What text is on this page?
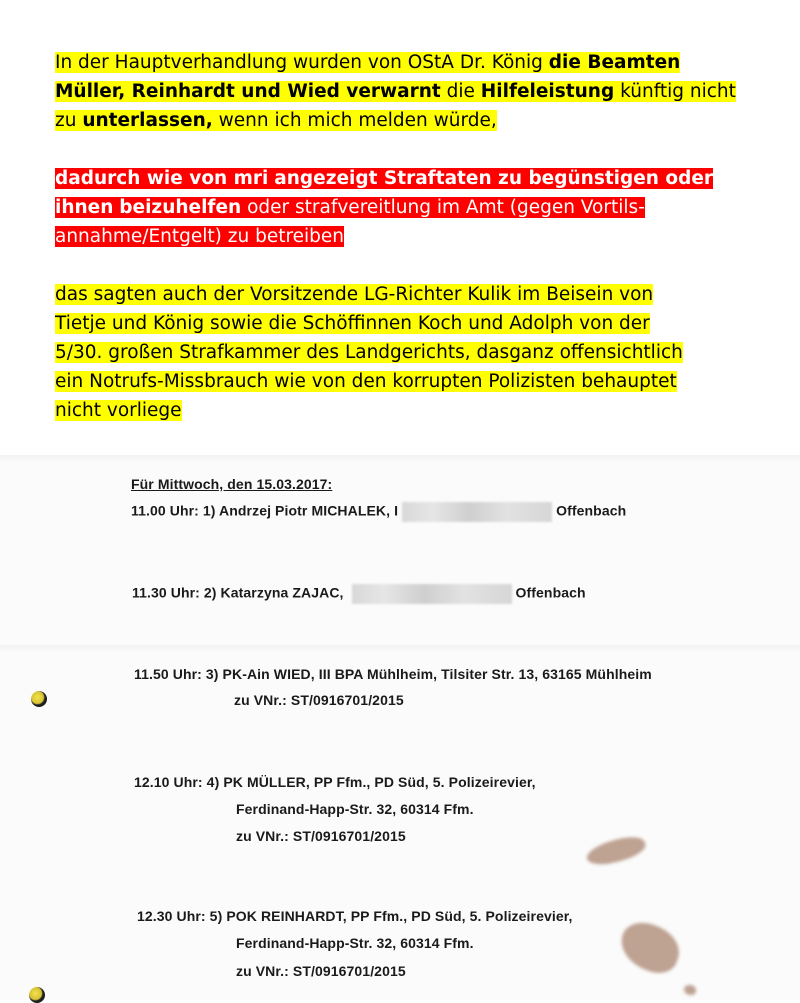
In der Hauptverhandlung wurden von OStA Dr. König die Beamten
Müller, Reinhardt und Wied verwarnt die Hilfeleistung künftig nicht
zu unterlassen, wenn ich mich melden würde,
dadurch wie von mri angezeigt Straftaten zu begünstigen oder
ihnen beizuhelfen oder strafvereitlung im Amt (gegen Vortils-
annahme/Entgelt) zu betreiben
das sagten auch der Vorsitzende LG-Richter Kulik im Beisein von
Tietje und König sowie die Schöffinnen Koch und Adolph von der
5/30. großen Strafkammer des Landgerichts, dasganz offensichtlich
ein Notrufs-Missbrauch wie von den korrupten Polizisten behauptet
nicht vorliege
Für Mittwoch, den 15.03.2017:
11.00 Uhr: 1) Andrzej Piotr MICHALEK, I	Offenbach
11.30 Uhr: 2) Katarzyna ZAJAC,	Offenbach
11.50 Uhr: 3) PK-Ain WIED, III BPA Mühlheim, Tilsiter Str. 13, 63165 Mühlheim
zu VNr.: ST/0916701/2015
12.10 Uhr: 4) PK MÜLLER, PP Ffm., PD Süd, 5. Polizeirevier,
Ferdinand-Happ-Str. 32, 60314 Ffm.
zu VNr.: ST/0916701/2015
12.30 Uhr: 5) POK REINHARDT, PP Ffm., PD Süd, 5. Polizeirevier,
Ferdinand-Happ-Str. 32, 60314 Ffm.
zu VNr.: ST/0916701/2015
